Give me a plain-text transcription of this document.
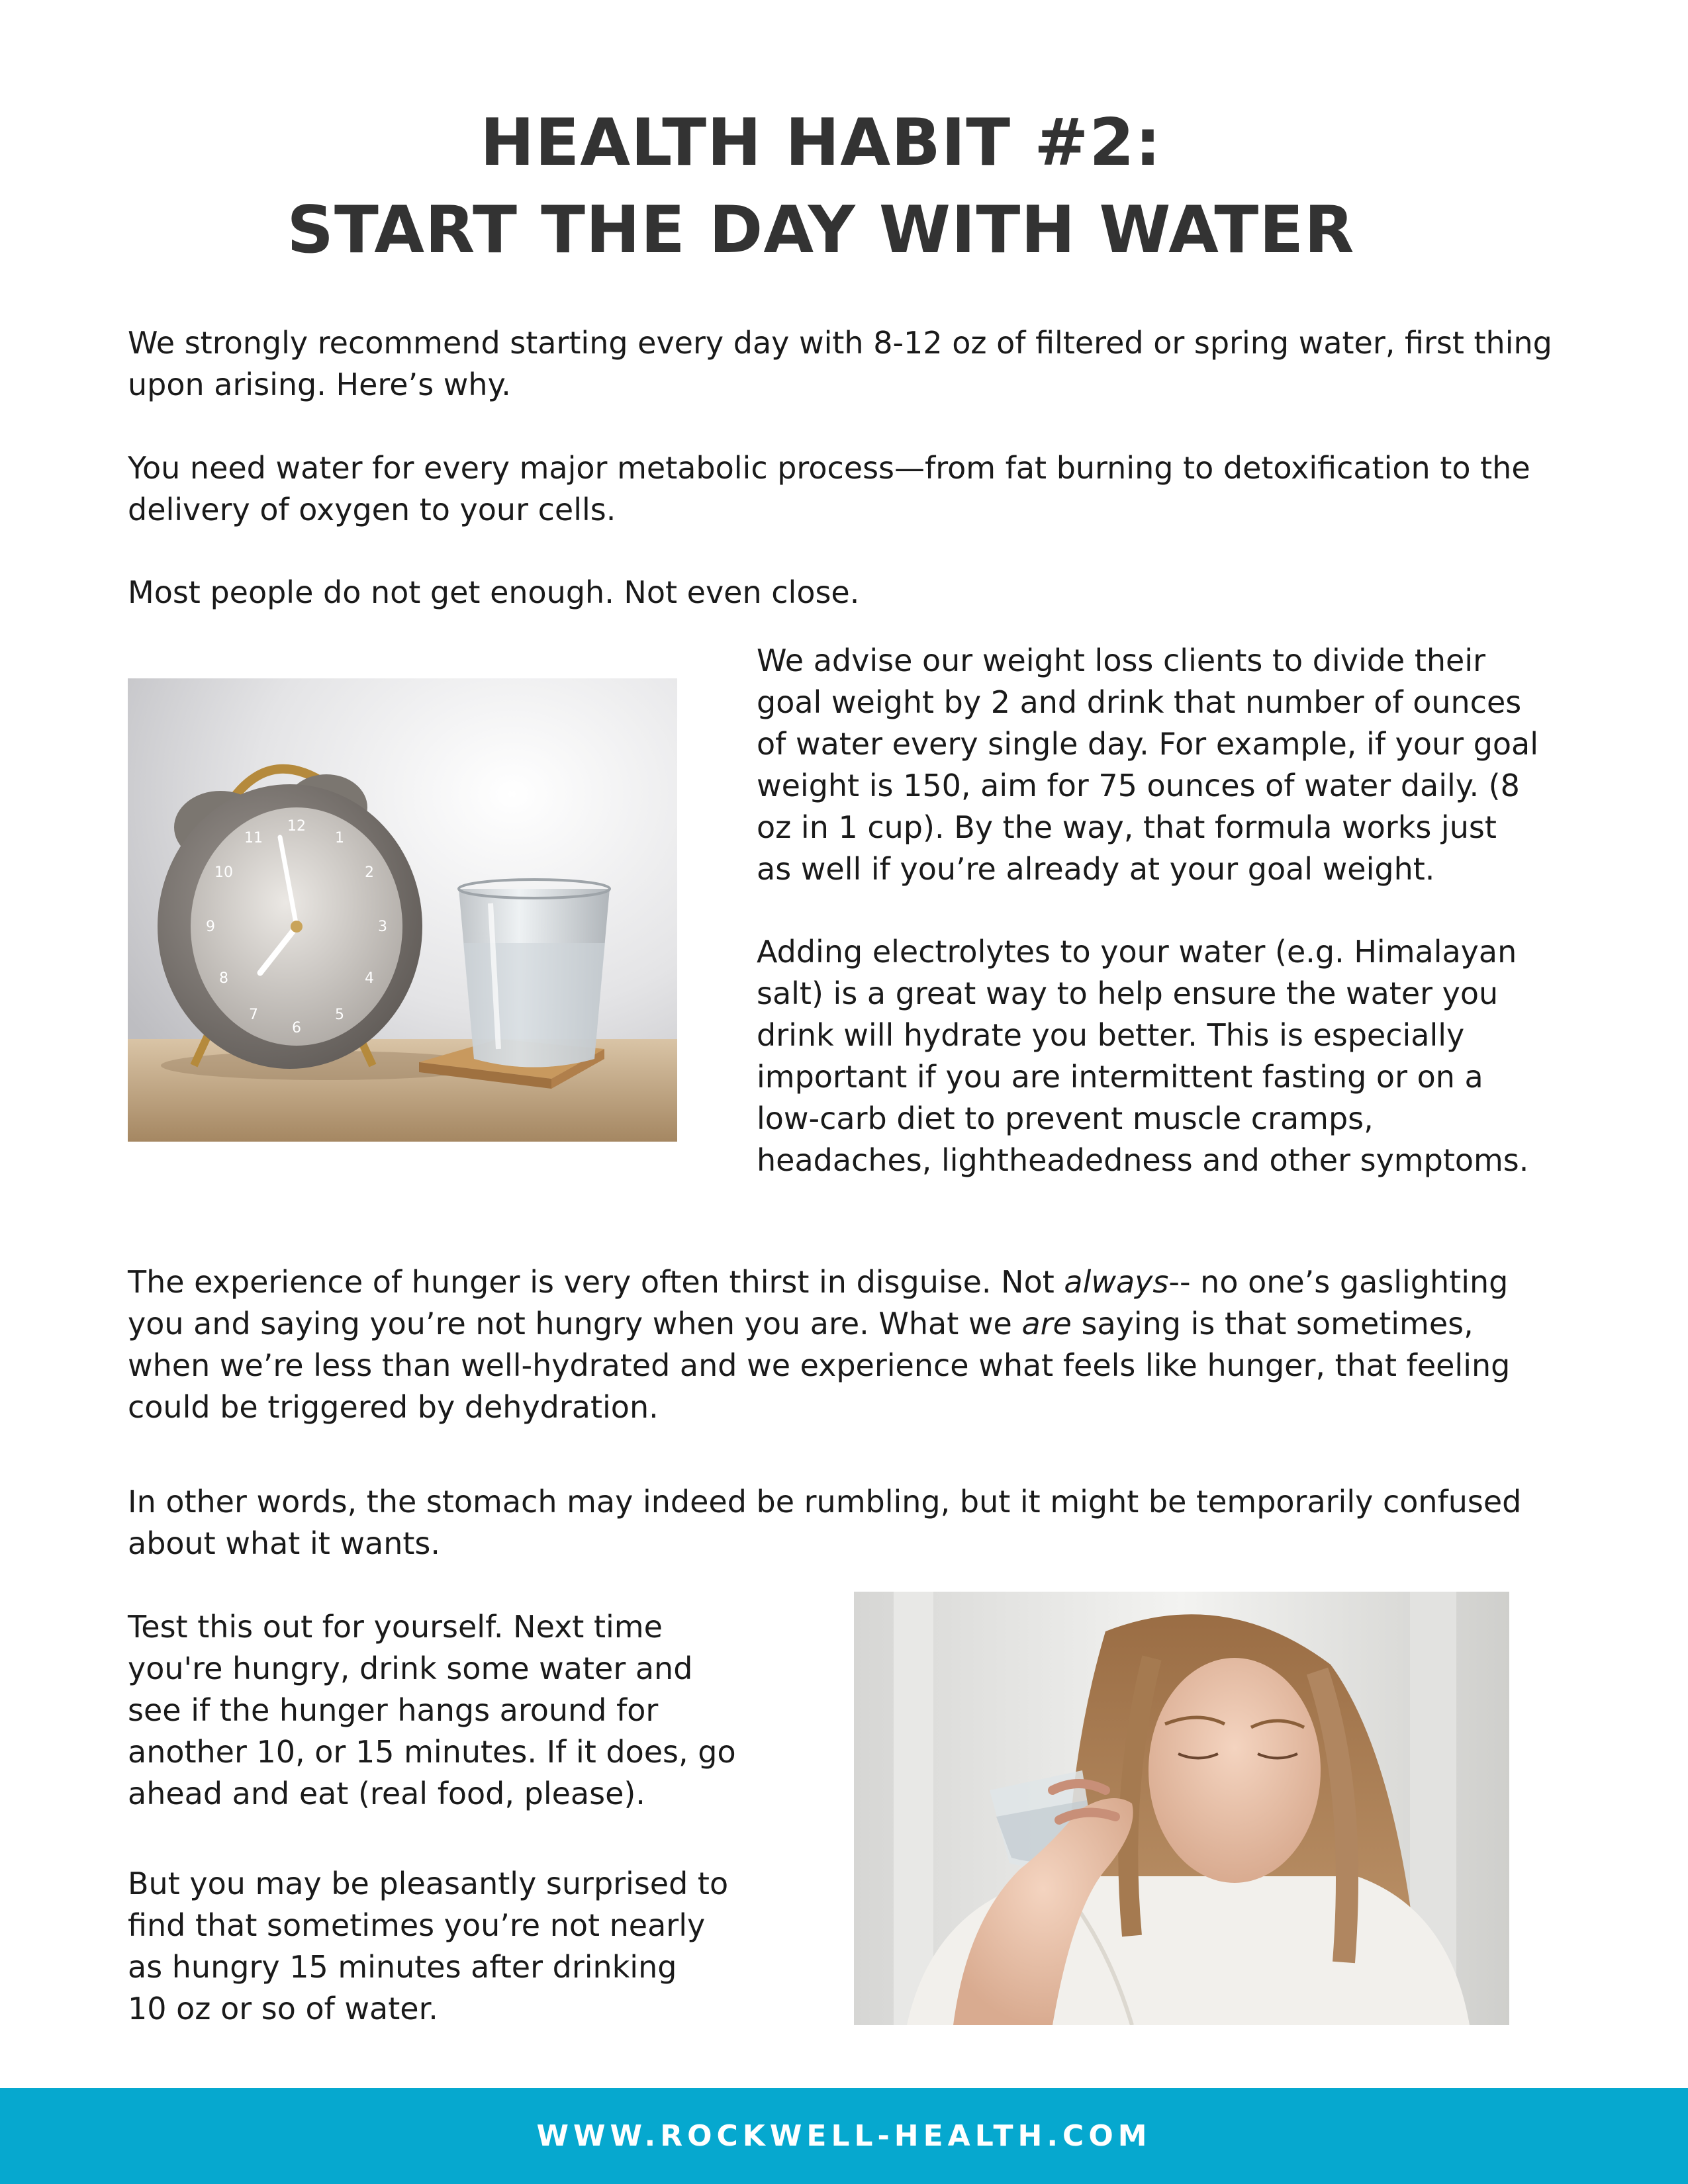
HEALTH HABIT #2:
START THE DAY WITH WATER

We strongly recommend starting every day with 8-12 oz of filtered or spring water, first thing
upon arising. Here’s why.

You need water for every major metabolic process—from fat burning to detoxification to the
delivery of oxygen to your cells.

Most people do not get enough. Not even close.

12
1
2
3
4
5
6
7
8
9
10
11

We advise our weight loss clients to divide their
goal weight by 2 and drink that number of ounces
of water every single day. For example, if your goal
weight is 150, aim for 75 ounces of water daily. (8
oz in 1 cup). By the way, that formula works just
as well if you’re already at your goal weight.

Adding electrolytes to your water (e.g. Himalayan
salt) is a great way to help ensure the water you
drink will hydrate you better. This is especially
important if you are intermittent fasting or on a
low-carb diet to prevent muscle cramps,
headaches, lightheadedness and other symptoms.

The experience of hunger is very often thirst in disguise. Not always-- no one’s gaslighting
you and saying you’re not hungry when you are. What we are saying is that sometimes,
when we’re less than well-hydrated and we experience what feels like hunger, that feeling
could be triggered by dehydration.

In other words, the stomach may indeed be rumbling, but it might be temporarily confused
about what it wants.

Test this out for yourself. Next time
you're hungry, drink some water and
see if the hunger hangs around for
another 10, or 15 minutes. If it does, go
ahead and eat (real food, please).

But you may be pleasantly surprised to
find that sometimes you’re not nearly
as hungry 15 minutes after drinking
10 oz or so of water.

WWW.ROCKWELL-HEALTH.COM
